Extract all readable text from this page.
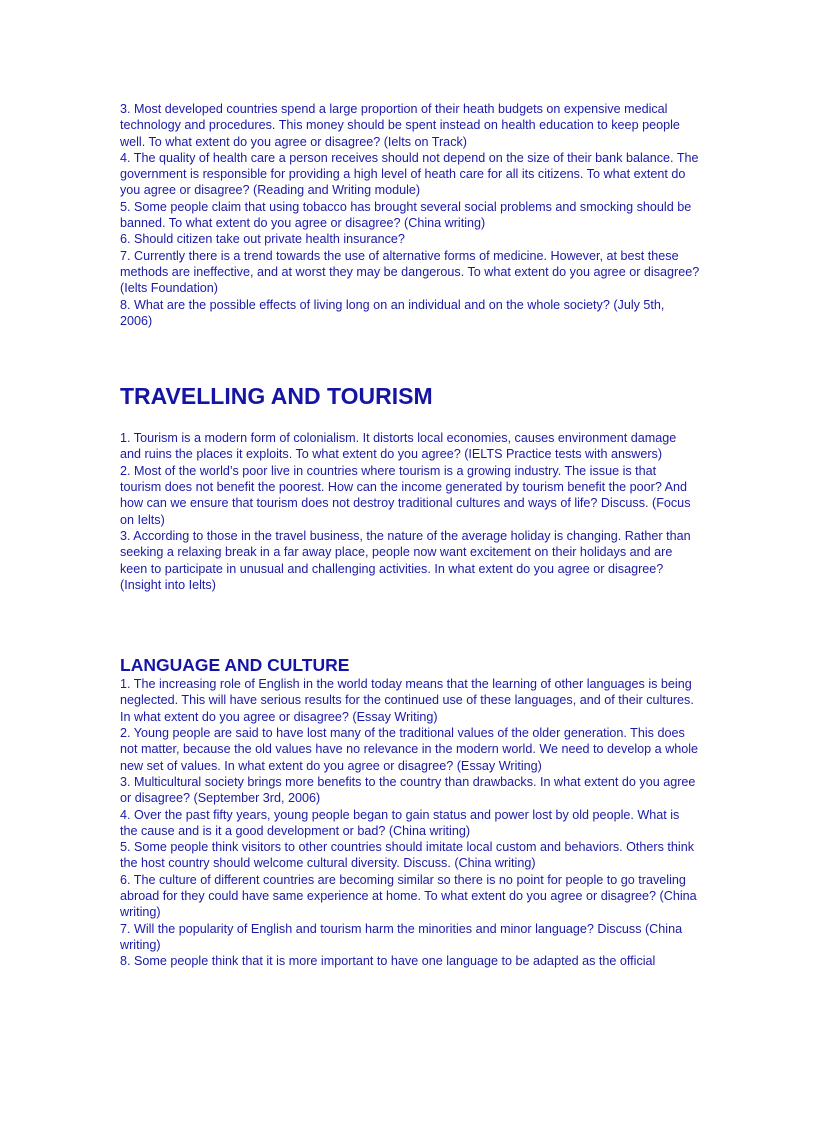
3. Most developed countries spend a large proportion of their heath budgets on expensive medical technology and procedures. This money should be spent instead on health education to keep people well. To what extent do you agree or disagree? (Ielts on Track)

4. The quality of health care a person receives should not depend on the size of their bank balance. The government is responsible for providing a high level of heath care for all its citizens. To what extent do you agree or disagree? (Reading and Writing module)

5. Some people claim that using tobacco has brought several social problems and smocking should be banned. To what extent do you agree or disagree? (China writing)

6. Should citizen take out private health insurance?

7. Currently there is a trend towards the use of alternative forms of medicine. However, at best these methods are ineffective, and at worst they may be dangerous. To what extent do you agree or disagree? (Ielts Foundation)

8. What are the possible effects of living long on an individual and on the whole society? (July 5th, 2006)

TRAVELLING AND TOURISM

1. Tourism is a modern form of colonialism. It distorts local economies, causes environment damage and ruins the places it exploits. To what extent do you agree? (IELTS Practice tests with answers)

2. Most of the world’s poor live in countries where tourism is a growing industry. The issue is that tourism does not benefit the poorest. How can the income generated by tourism benefit the poor? And how can we ensure that tourism does not destroy traditional cultures and ways of life? Discuss. (Focus on Ielts)

3. According to those in the travel business, the nature of the average holiday is changing. Rather than seeking a relaxing break in a far away place, people now want excitement on their holidays and are keen to participate in unusual and challenging activities. In what extent do you agree or disagree? (Insight into Ielts)

LANGUAGE AND CULTURE

1. The increasing role of English in the world today means that the learning of other languages is being neglected. This will have serious results for the continued use of these languages, and of their cultures. In what extent do you agree or disagree? (Essay Writing)

2. Young people are said to have lost many of the traditional values of the older generation. This does not matter, because the old values have no relevance in the modern world. We need to develop a whole new set of values. In what extent do you agree or disagree? (Essay Writing)

3. Multicultural society brings more benefits to the country than drawbacks. In what extent do you agree or disagree? (September 3rd, 2006)

4. Over the past fifty years, young people began to gain status and power lost by old people. What is the cause and is it a good development or bad? (China writing)

5. Some people think visitors to other countries should imitate local custom and behaviors. Others think the host country should welcome cultural diversity. Discuss. (China writing)

6. The culture of different countries are becoming similar so there is no point for people to go traveling abroad for they could have same experience at home. To what extent do you agree or disagree? (China writing)

7. Will the popularity of English and tourism harm the minorities and minor language? Discuss (China writing)

8. Some people think that it is more important to have one language to be adapted as the official
